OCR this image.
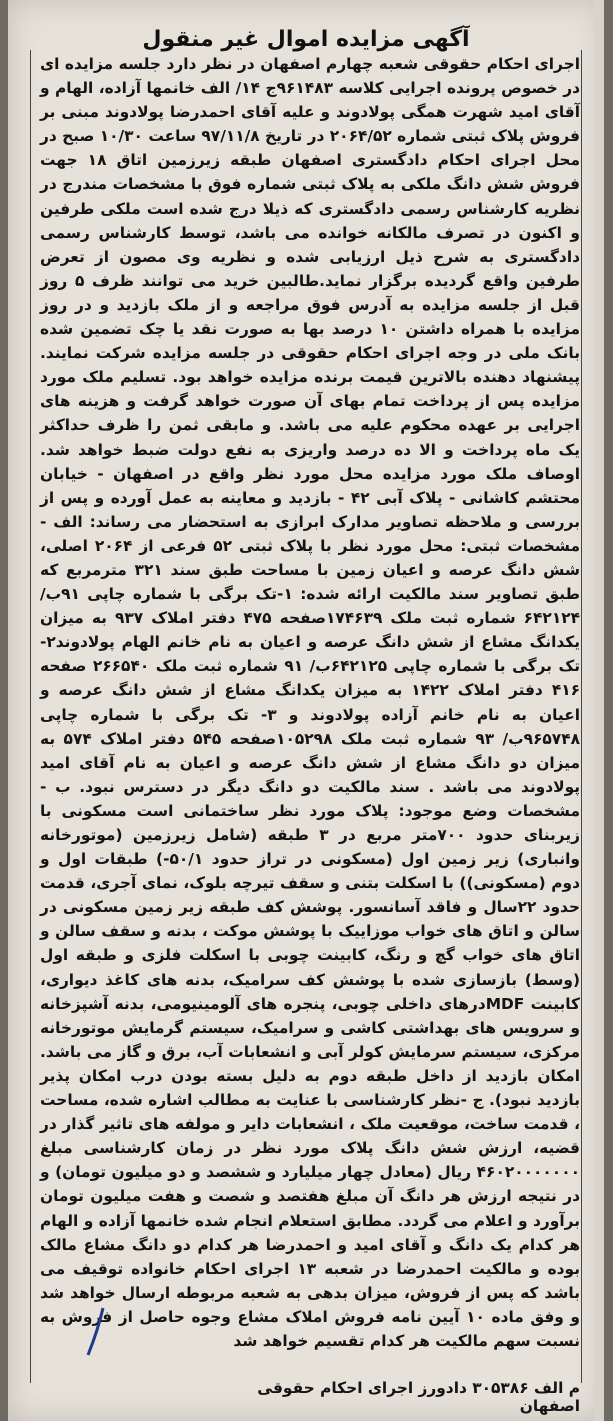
آگهی مزایده اموال غیر منقول

اجرای احکام حقوقی شعبه چهارم اصفهان در نظر دارد جلسه مزایده ای در خصوص پرونده اجرایی کلاسه ۹۶۱۴۸۳ج ۱۴/ الف خانمها آزاده، الهام و آقای امید شهرت همگی پولادوند و علیه آقای احمدرضا پولادوند مبنی بر فروش پلاک ثبتی شماره ۲۰۶۴/۵۲ در تاریخ ۹۷/۱۱/۸ ساعت ۱۰/۳۰ صبح در محل اجرای احکام دادگستری اصفهان طبقه زیرزمین اتاق ۱۸ جهت فروش شش دانگ ملکی به پلاک ثبتی شماره فوق با مشخصات مندرج در نظریه کارشناس رسمی دادگستری که ذیلا درج شده است ملکی طرفین و اکنون در تصرف مالکانه خوانده می باشد، توسط کارشناس رسمی دادگستری به شرح ذیل ارزیابی شده و نظریه وی مصون از تعرض طرفین واقع گردیده برگزار نماید.طالبین خرید می توانند ظرف ۵ روز قبل از جلسه مزایده به آدرس فوق مراجعه و از ملک بازدید و در روز مزایده با همراه داشتن ۱۰ درصد بها به صورت نقد یا چک تضمین شده بانک ملی در وجه اجرای احکام حقوقی در جلسه مزایده شرکت نمایند. پیشنهاد دهنده بالاترین قیمت برنده مزایده خواهد بود. تسلیم ملک مورد مزایده پس از پرداخت تمام بهای آن صورت خواهد گرفت و هزینه های اجرایی بر عهده محکوم علیه می باشد. و مابقی ثمن را ظرف حداکثر یک ماه پرداخت و الا ده درصد واریزی به نفع دولت ضبط خواهد شد. اوصاف ملک مورد مزایده محل مورد نظر واقع در اصفهان - خیابان محتشم کاشانی - پلاک آبی ۴۲ - بازدید و معاینه به عمل آورده و پس از بررسی و ملاحظه تصاویر مدارک ابرازی به استحضار می رساند: الف - مشخصات ثبتی: محل مورد نظر با پلاک ثبتی ۵۲ فرعی از ۲۰۶۴ اصلی، شش دانگ عرصه و اعیان زمین با مساحت طبق سند ۳۲۱ مترمربع که طبق تصاویر سند مالکیت ارائه شده: ۱-تک برگی با شماره چاپی ۹۱ب/ ۶۴۲۱۲۴ شماره ثبت ملک ۱۷۴۶۳۹صفحه ۴۷۵ دفتر املاک ۹۳۷ به میزان یکدانگ مشاع از شش دانگ عرصه و اعیان به نام خانم الهام پولادوند۲- تک برگی با شماره چاپی ۶۴۲۱۲۵ب/ ۹۱ شماره ثبت ملک ۲۶۶۵۴۰ صفحه ۴۱۶ دفتر املاک ۱۴۲۲ به میزان یکدانگ مشاع از شش دانگ عرصه و اعیان به نام خانم آزاده پولادوند و ۳- تک برگی با شماره چاپی ۹۶۵۷۴۸ب/ ۹۳ شماره ثبت ملک ۱۰۵۲۹۸صفحه ۵۴۵ دفتر املاک ۵۷۴ به میزان دو دانگ مشاع از شش دانگ عرصه و اعیان به نام آقای امید پولادوند می باشد . سند مالکیت دو دانگ دیگر در دسترس نبود. ب - مشخصات وضع موجود: پلاک مورد نظر ساختمانی است مسکونی با زیربنای حدود ۷۰۰متر مربع در ۳ طبقه (شامل زیرزمین (موتورخانه وانباری) زیر زمین اول (مسکونی در تراز حدود ۵۰/۱-) طبقات اول و دوم (مسکونی)) با اسکلت بتنی و سقف تیرچه بلوک، نمای آجری، قدمت حدود ۲۲سال و فاقد آسانسور. پوشش کف طبقه زیر زمین مسکونی در سالن و اتاق های خواب موزاییک با پوشش موکت ، بدنه و سقف سالن و اتاق های خواب گچ و رنگ، کابینت چوبی با اسکلت فلزی و طبقه اول (وسط) بازسازی شده با پوشش کف سرامیک، بدنه های کاغذ دیواری، کابینت MDFدرهای داخلی چوبی، پنجره های آلومینیومی، بدنه آشپزخانه و سرویس های بهداشتی کاشی و سرامیک، سیستم گرمایش موتورخانه مرکزی، سیستم سرمایش کولر آبی و انشعابات آب، برق و گاز می باشد. امکان بازدید از داخل طبقه دوم به دلیل بسته بودن درب امکان پذیر بازدید نبود). ج -نظر کارشناسی با عنایت به مطالب اشاره شده، مساحت ، قدمت ساخت، موقعیت ملک ، انشعابات دایر و مولفه های تاثیر گذار در قضیه، ارزش شش دانگ پلاک مورد نظر در زمان کارشناسی مبلغ ۴۶۰۲۰۰۰۰۰۰۰ ریال (معادل چهار میلیارد و ششصد و دو میلیون تومان) و در نتیجه ارزش هر دانگ آن مبلغ هفتصد و شصت و هفت میلیون تومان برآورد و اعلام می گردد. مطابق استعلام انجام شده خانمها آزاده و الهام هر کدام یک دانگ و آقای امید و احمدرضا هر کدام دو دانگ مشاع مالک بوده و مالکیت احمدرضا در شعبه ۱۳ اجرای احکام خانواده توقیف می باشد که پس از فروش، میزان بدهی به شعبه مربوطه ارسال خواهد شد و وفق ماده ۱۰ آیین نامه فروش املاک مشاع وجوه حاصل از فروش به نسبت سهم مالکیت هر کدام تقسیم خواهد شد

م الف ۳۰۵۳۸۶ دادورز اجرای احکام حقوقی اصفهان
